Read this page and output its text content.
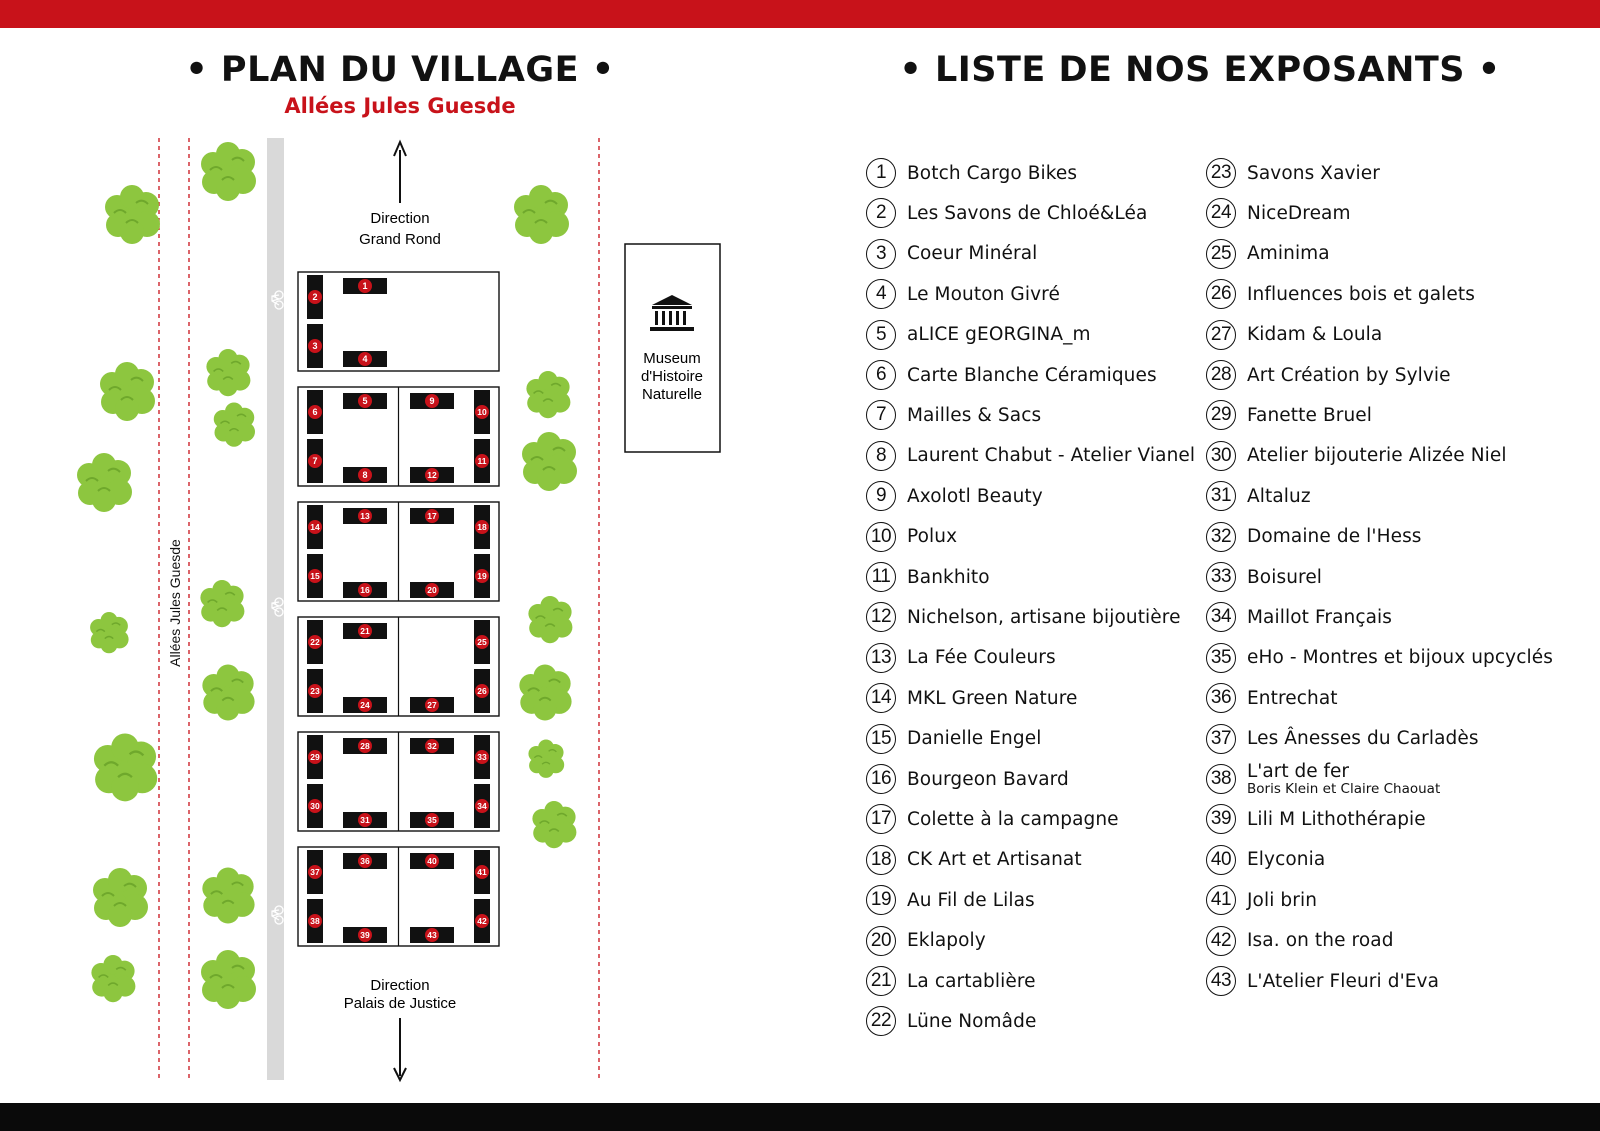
• PLAN DU VILLAGE •
Allées Jules Guesde
• LISTE DE NOS EXPOSANTS •
Allées Jules Guesde
Direction
Grand Rond
Direction
Palais de Justice
Museum
d'Histoire
Naturelle
1
2
3
4
5
6
7
8
9
10
11
12
13
14
15
16
17
18
19
20
21
22
23
24	27
25
26
28
29
30
31
32
33
34
35
36
37
38
39
40
41
42
43
1	Botch Cargo Bikes
2	Les Savons de Chloé&Léa
3	Coeur Minéral
4	Le Mouton Givré
5	aLICE gEORGINA_m
6	Carte Blanche Céramiques
7	Mailles & Sacs
8	Laurent Chabut - Atelier Vianel
9	Axolotl Beauty
10 Polux
11 Bankhito
12 Nichelson, artisane bijoutière
13 La Fée Couleurs
14 MKL Green Nature
15 Danielle Engel
16 Bourgeon Bavard
17 Colette à la campagne
18 CK Art et Artisanat
19 Au Fil de Lilas
20 Eklapoly
21 La cartablière
22 Lüne Nomâde
23 Savons Xavier
24 NiceDream
25 Aminima
26 Influences bois et galets
27 Kidam & Loula
28 Art Création by Sylvie
29 Fanette Bruel
30 Atelier bijouterie Alizée Niel
31 Altaluz
32 Domaine de l'Hess
33 Boisurel
34 Maillot Français
35 eHo - Montres et bijoux upcyclés
36 Entrechat
37 Les Ânesses du Carladès
38 L'art de fer
Boris Klein et Claire Chaouat
39 Lili M Lithothérapie
40 Elyconia
41 Joli brin
42 Isa. on the road
43 L'Atelier Fleuri d'Eva
